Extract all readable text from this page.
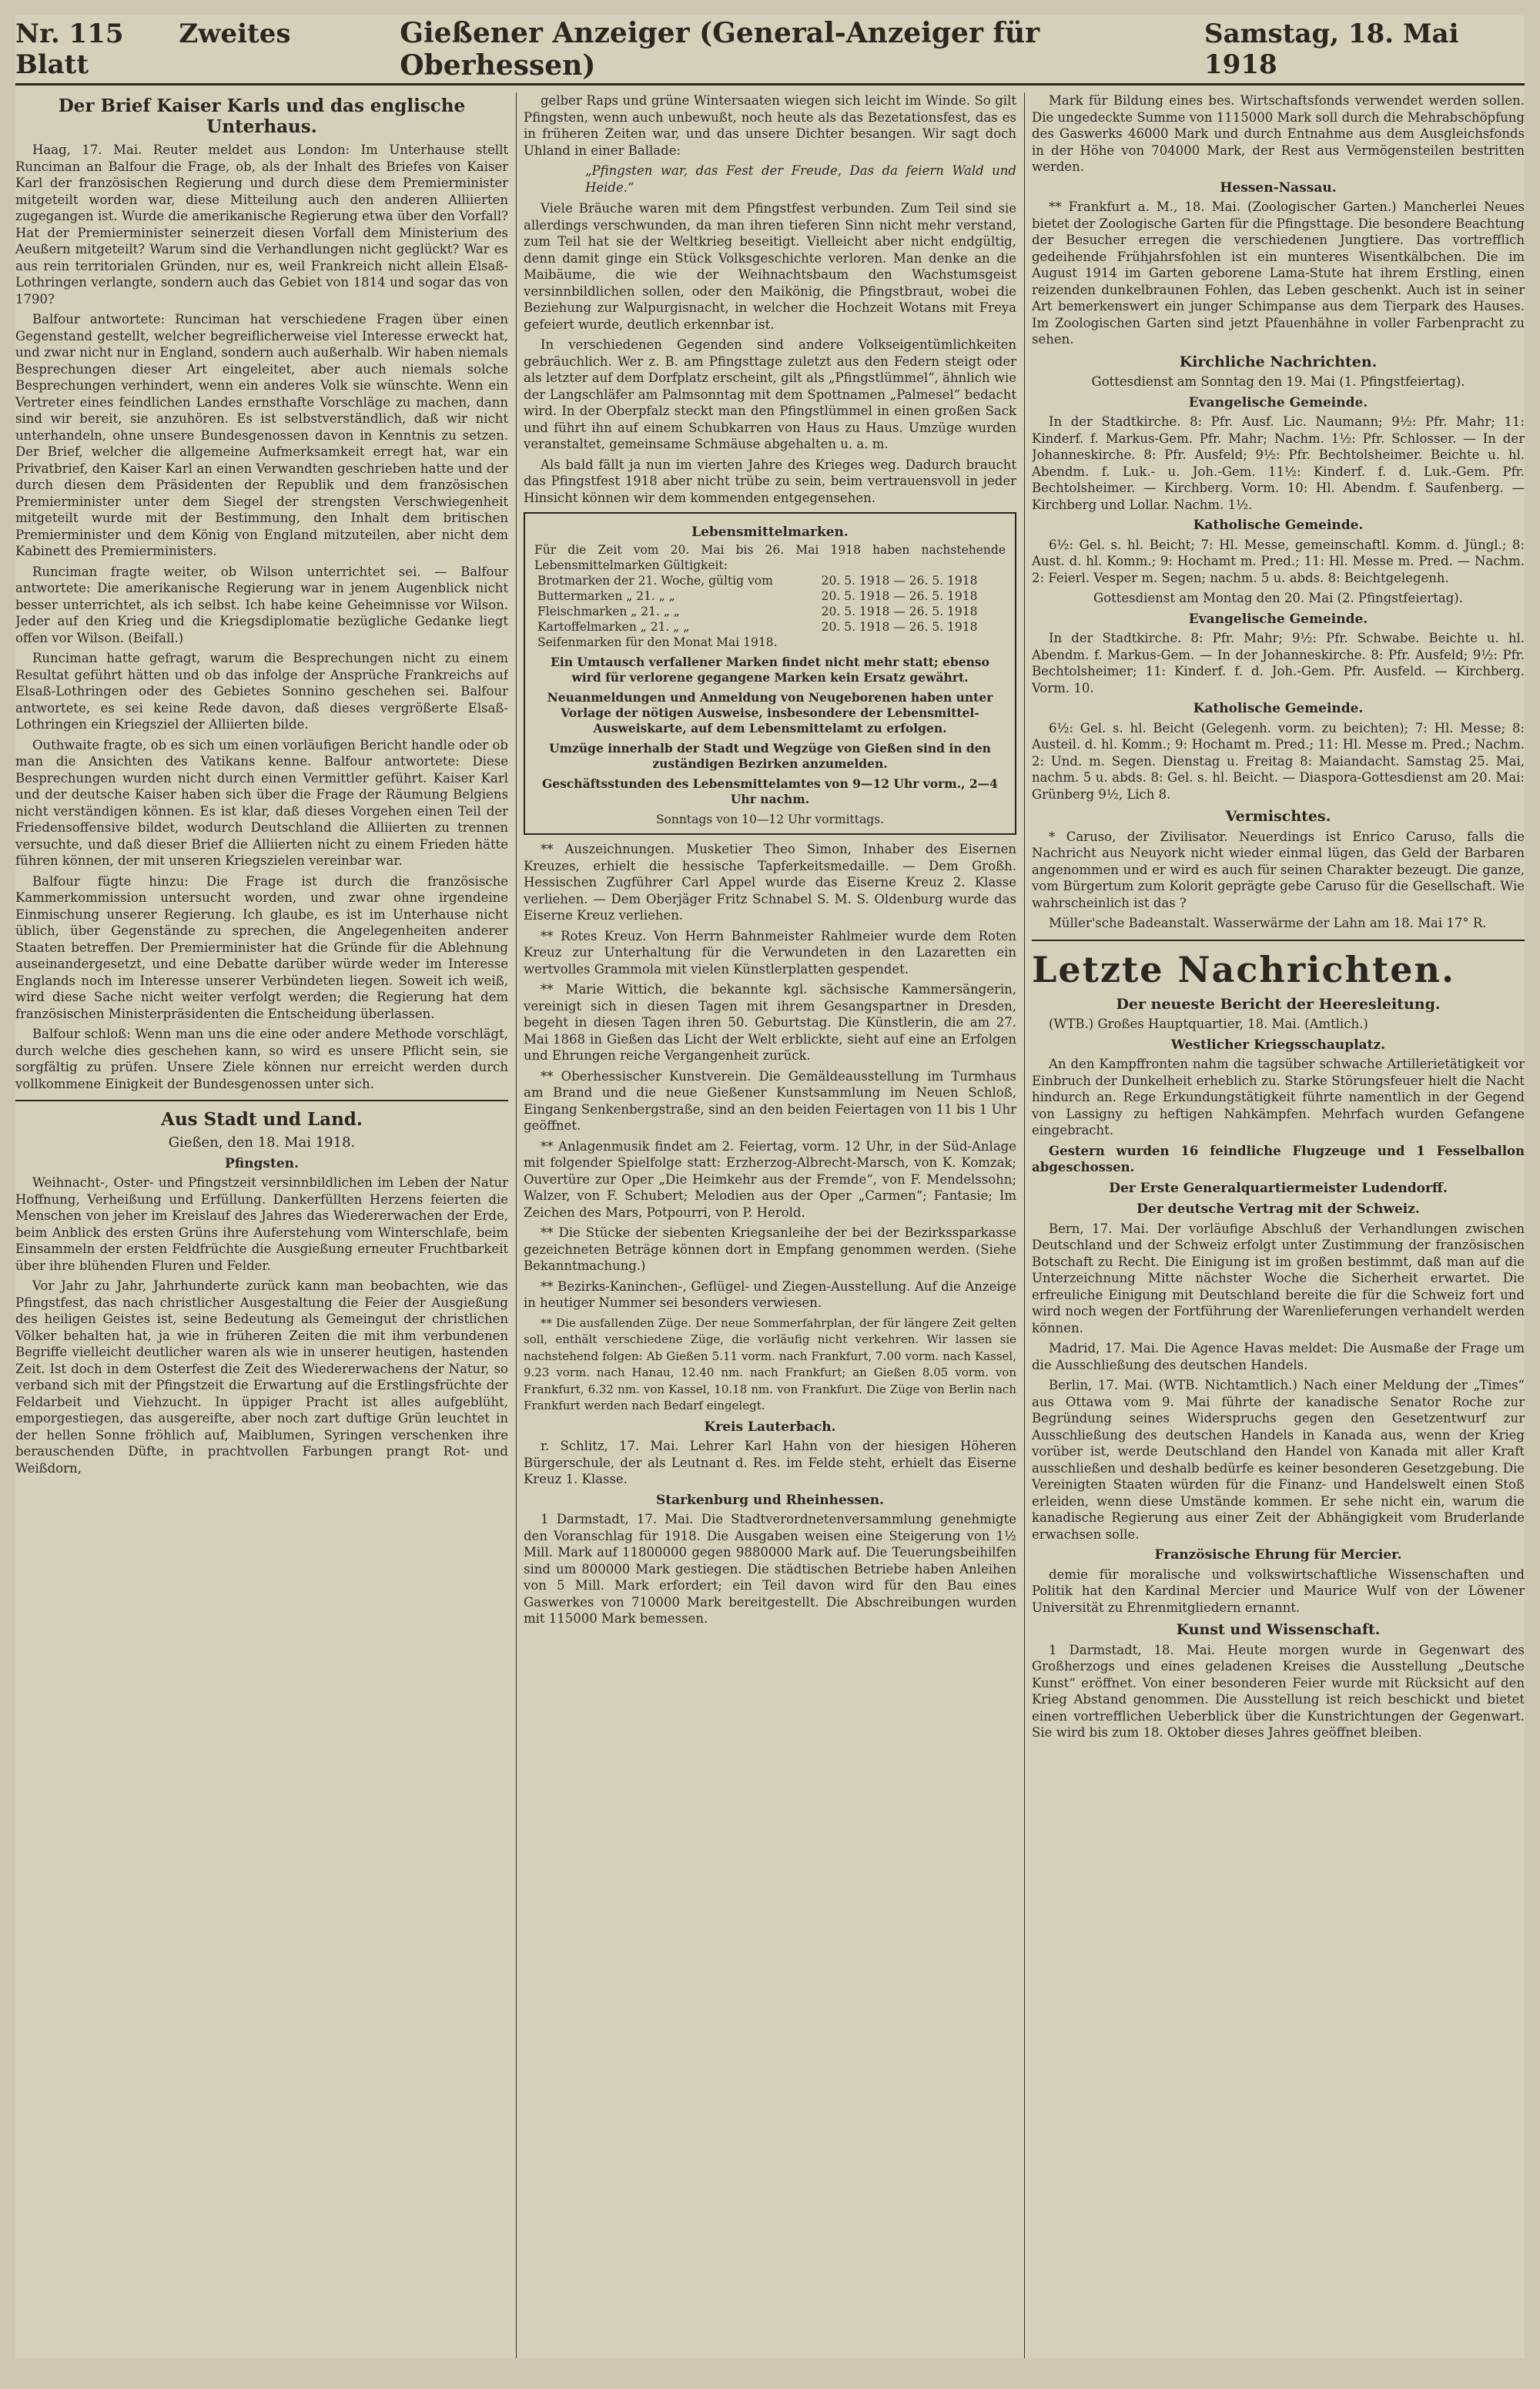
Nr. 115 Zweites Blatt
Gießener Anzeiger (General-Anzeiger für Oberhessen)
Samstag, 18. Mai 1918
Der Brief Kaiser Karls und das englische Unterhaus.

Haag, 17. Mai. Reuter meldet aus London: Im Unterhause stellt Runciman an Balfour die Frage, ob, als der Inhalt des Briefes von Kaiser Karl der französischen Regierung und durch diese dem Premierminister mitgeteilt worden war, diese Mitteilung auch den anderen Alliierten zugegangen ist. Wurde die amerikanische Regierung etwa über den Vorfall? Hat der Premierminister seinerzeit diesen Vorfall dem Ministerium des Aeußern mitgeteilt? Warum sind die Verhandlungen nicht geglückt? War es aus rein territorialen Gründen, nur es, weil Frankreich nicht allein Elsaß-Lothringen verlangte, sondern auch das Gebiet von 1814 und sogar das von 1790?

Balfour antwortete: Runciman hat verschiedene Fragen über einen Gegenstand gestellt, welcher begreiflicherweise viel Interesse erweckt hat, und zwar nicht nur in England, sondern auch außerhalb. Wir haben niemals Besprechungen dieser Art eingeleitet, aber auch niemals solche Besprechungen verhindert, wenn ein anderes Volk sie wünschte. Wenn ein Vertreter eines feindlichen Landes ernsthafte Vorschläge zu machen, dann sind wir bereit, sie anzuhören. Es ist selbstverständlich, daß wir nicht unterhandeln, ohne unsere Bundesgenossen davon in Kenntnis zu setzen. Der Brief, welcher die allgemeine Aufmerksamkeit erregt hat, war ein Privatbrief, den Kaiser Karl an einen Verwandten geschrieben hatte und der durch diesen dem Präsidenten der Republik und dem französischen Premierminister unter dem Siegel der strengsten Verschwiegenheit mitgeteilt wurde mit der Bestimmung, den Inhalt dem britischen Premierminister und dem König von England mitzuteilen, aber nicht dem Kabinett des Premierministers.

Runciman fragte weiter, ob Wilson unterrichtet sei. — Balfour antwortete: Die amerikanische Regierung war in jenem Augenblick nicht besser unterrichtet, als ich selbst. Ich habe keine Geheimnisse vor Wilson. Jeder auf den Krieg und die Kriegsdiplomatie bezügliche Gedanke liegt offen vor Wilson. (Beifall.)

Runciman hatte gefragt, warum die Besprechungen nicht zu einem Resultat geführt hätten und ob das infolge der Ansprüche Frankreichs auf Elsaß-Lothringen oder des Gebietes Sonnino geschehen sei. Balfour antwortete, es sei keine Rede davon, daß dieses vergrößerte Elsaß-Lothringen ein Kriegsziel der Alliierten bilde.

Outhwaite fragte, ob es sich um einen vorläufigen Bericht handle oder ob man die Ansichten des Vatikans kenne. Balfour antwortete: Diese Besprechungen wurden nicht durch einen Vermittler geführt. Kaiser Karl und der deutsche Kaiser haben sich über die Frage der Räumung Belgiens nicht verständigen können. Es ist klar, daß dieses Vorgehen einen Teil der Friedensoffensive bildet, wodurch Deutschland die Alliierten zu trennen versuchte, und daß dieser Brief die Alliierten nicht zu einem Frieden hätte führen können, der mit unseren Kriegszielen vereinbar war.

Balfour fügte hinzu: Die Frage ist durch die französische Kammerkommission untersucht worden, und zwar ohne irgendeine Einmischung unserer Regierung. Ich glaube, es ist im Unterhause nicht üblich, über Gegenstände zu sprechen, die Angelegenheiten anderer Staaten betreffen. Der Premierminister hat die Gründe für die Ablehnung auseinandergesetzt, und eine Debatte darüber würde weder im Interesse Englands noch im Interesse unserer Verbündeten liegen. Soweit ich weiß, wird diese Sache nicht weiter verfolgt werden; die Regierung hat dem französischen Ministerpräsidenten die Entscheidung überlassen.

Balfour schloß: Wenn man uns die eine oder andere Methode vorschlägt, durch welche dies geschehen kann, so wird es unsere Pflicht sein, sie sorgfältig zu prüfen. Unsere Ziele können nur erreicht werden durch vollkommene Einigkeit der Bundesgenossen unter sich.

Aus Stadt und Land.
Gießen, den 18. Mai 1918.
Pfingsten.

Weihnacht-, Oster- und Pfingstzeit versinnbildlichen im Leben der Natur Hoffnung, Verheißung und Erfüllung. Dankerfüllten Herzens feierten die Menschen von jeher im Kreislauf des Jahres das Wiedererwachen der Erde, beim Anblick des ersten Grüns ihre Auferstehung vom Winterschlafe, beim Einsammeln der ersten Feldfrüchte die Ausgießung erneuter Fruchtbarkeit über ihre blühenden Fluren und Felder.

Vor Jahr zu Jahr, Jahrhunderte zurück kann man beobachten, wie das Pfingstfest, das nach christlicher Ausgestaltung die Feier der Ausgießung des heiligen Geistes ist, seine Bedeutung als Gemeingut der christlichen Völker behalten hat, ja wie in früheren Zeiten die mit ihm verbundenen Begriffe vielleicht deutlicher waren als wie in unserer heutigen, hastenden Zeit. Ist doch in dem Osterfest die Zeit des Wiedererwachens der Natur, so verband sich mit der Pfingstzeit die Erwartung auf die Erstlingsfrüchte der Feldarbeit und Viehzucht. In üppiger Pracht ist alles aufgeblüht, emporgestiegen, das ausgereifte, aber noch zart duftige Grün leuchtet in der hellen Sonne fröhlich auf, Maiblumen, Syringen verschenken ihre berauschenden Düfte, in prachtvollen Farbungen prangt Rot- und Weißdorn,

gelber Raps und grüne Wintersaaten wiegen sich leicht im Winde. So gilt Pfingsten, wenn auch unbewußt, noch heute als das Bezetationsfest, das es in früheren Zeiten war, und das unsere Dichter besangen. Wir sagt doch Uhland in einer Ballade:

„Pfingsten war, das Fest der Freude, Das da feiern Wald und Heide.“

Viele Bräuche waren mit dem Pfingstfest verbunden. Zum Teil sind sie allerdings verschwunden, da man ihren tieferen Sinn nicht mehr verstand, zum Teil hat sie der Weltkrieg beseitigt. Vielleicht aber nicht endgültig, denn damit ginge ein Stück Volksgeschichte verloren. Man denke an die Maibäume, die wie der Weihnachtsbaum den Wachstumsgeist versinnbildlichen sollen, oder den Maikönig, die Pfingstbraut, wobei die Beziehung zur Walpurgisnacht, in welcher die Hochzeit Wotans mit Freya gefeiert wurde, deutlich erkennbar ist.

In verschiedenen Gegenden sind andere Volkseigentümlichkeiten gebräuchlich. Wer z. B. am Pfingsttage zuletzt aus den Federn steigt oder als letzter auf dem Dorfplatz erscheint, gilt als „Pfingstlümmel“, ähnlich wie der Langschläfer am Palmsonntag mit dem Spottnamen „Palmesel“ bedacht wird. In der Oberpfalz steckt man den Pfingstlümmel in einen großen Sack und führt ihn auf einem Schubkarren von Haus zu Haus. Umzüge wurden veranstaltet, gemeinsame Schmäuse abgehalten u. a. m.

Als bald fällt ja nun im vierten Jahre des Krieges weg. Dadurch braucht das Pfingstfest 1918 aber nicht trübe zu sein, beim vertrauensvoll in jeder Hinsicht können wir dem kommenden entgegensehen.

Lebensmittelmarken.
Für die Zeit vom 20. Mai bis 26. Mai 1918 haben nachstehende Lebensmittelmarken Gültigkeit:
Brotmarken der 21. Woche, gültig vom	20. 5. 1918 — 26. 5. 1918
Buttermarken „ 21. „ „	20. 5. 1918 — 26. 5. 1918
Fleischmarken „ 21. „ „	20. 5. 1918 — 26. 5. 1918
Kartoffelmarken „ 21. „ „	20. 5. 1918 — 26. 5. 1918
Seifenmarken für den Monat Mai 1918.	
Ein Umtausch verfallener Marken findet nicht mehr statt; ebenso wird für verlorene gegangene Marken kein Ersatz gewährt.
Neuanmeldungen und Anmeldung von Neugeborenen haben unter Vorlage der nötigen Ausweise, insbesondere der Lebensmittel-Ausweiskarte, auf dem Lebensmittelamt zu erfolgen.
Umzüge innerhalb der Stadt und Wegzüge von Gießen sind in den zuständigen Bezirken anzumelden.
Geschäftsstunden des Lebensmittelamtes von 9—12 Uhr vorm., 2—4 Uhr nachm.
Sonntags von 10—12 Uhr vormittags.

** Auszeichnungen. Musketier Theo Simon, Inhaber des Eisernen Kreuzes, erhielt die hessische Tapferkeitsmedaille. — Dem Großh. Hessischen Zugführer Carl Appel wurde das Eiserne Kreuz 2. Klasse verliehen. — Dem Oberjäger Fritz Schnabel S. M. S. Oldenburg wurde das Eiserne Kreuz verliehen.

** Rotes Kreuz. Von Herrn Bahnmeister Rahlmeier wurde dem Roten Kreuz zur Unterhaltung für die Verwundeten in den Lazaretten ein wertvolles Grammola mit vielen Künstlerplatten gespendet.

** Marie Wittich, die bekannte kgl. sächsische Kammersängerin, vereinigt sich in diesen Tagen mit ihrem Gesangspartner in Dresden, begeht in diesen Tagen ihren 50. Geburtstag. Die Künstlerin, die am 27. Mai 1868 in Gießen das Licht der Welt erblickte, sieht auf eine an Erfolgen und Ehrungen reiche Vergangenheit zurück.

** Oberhessischer Kunstverein. Die Gemäldeausstellung im Turmhaus am Brand und die neue Gießener Kunstsammlung im Neuen Schloß, Eingang Senkenbergstraße, sind an den beiden Feiertagen von 11 bis 1 Uhr geöffnet.

** Anlagenmusik findet am 2. Feiertag, vorm. 12 Uhr, in der Süd-Anlage mit folgender Spielfolge statt: Erzherzog-Albrecht-Marsch, von K. Komzak; Ouvertüre zur Oper „Die Heimkehr aus der Fremde“, von F. Mendelssohn; Walzer, von F. Schubert; Melodien aus der Oper „Carmen“; Fantasie; Im Zeichen des Mars, Potpourri, von P. Herold.

** Die Stücke der siebenten Kriegsanleihe der bei der Bezirkssparkasse gezeichneten Beträge können dort in Empfang genommen werden. (Siehe Bekanntmachung.)

** Bezirks-Kaninchen-, Geflügel- und Ziegen-Ausstellung. Auf die Anzeige in heutiger Nummer sei besonders verwiesen.

** Die ausfallenden Züge. Der neue Sommerfahrplan, der für längere Zeit gelten soll, enthält verschiedene Züge, die vorläufig nicht verkehren. Wir lassen sie nachstehend folgen: Ab Gießen 5.11 vorm. nach Frankfurt, 7.00 vorm. nach Kassel, 9.23 vorm. nach Hanau, 12.40 nm. nach Frankfurt; an Gießen 8.05 vorm. von Frankfurt, 6.32 nm. von Kassel, 10.18 nm. von Frankfurt. Die Züge von Berlin nach Frankfurt werden nach Bedarf eingelegt.

Kreis Lauterbach.

r. Schlitz, 17. Mai. Lehrer Karl Hahn von der hiesigen Höheren Bürgerschule, der als Leutnant d. Res. im Felde steht, erhielt das Eiserne Kreuz 1. Klasse.

Starkenburg und Rheinhessen.

1 Darmstadt, 17. Mai. Die Stadtverordnetenversammlung genehmigte den Voranschlag für 1918. Die Ausgaben weisen eine Steigerung von 1½ Mill. Mark auf 11800000 gegen 9880000 Mark auf. Die Teuerungsbeihilfen sind um 800000 Mark gestiegen. Die städtischen Betriebe haben Anleihen von 5 Mill. Mark erfordert; ein Teil davon wird für den Bau eines Gaswerkes von 710000 Mark bereitgestellt. Die Abschreibungen wurden mit 115000 Mark bemessen.

Mark für Bildung eines bes. Wirtschaftsfonds verwendet werden sollen. Die ungedeckte Summe von 1115000 Mark soll durch die Mehrabschöpfung des Gaswerks 46000 Mark und durch Entnahme aus dem Ausgleichsfonds in der Höhe von 704000 Mark, der Rest aus Vermögensteilen bestritten werden.

Hessen-Nassau.

** Frankfurt a. M., 18. Mai. (Zoologischer Garten.) Mancherlei Neues bietet der Zoologische Garten für die Pfingsttage. Die besondere Beachtung der Besucher erregen die verschiedenen Jungtiere. Das vortrefflich gedeihende Frühjahrsfohlen ist ein munteres Wisentkälbchen. Die im August 1914 im Garten geborene Lama-Stute hat ihrem Erstling, einen reizenden dunkelbraunen Fohlen, das Leben geschenkt. Auch ist in seiner Art bemerkenswert ein junger Schimpanse aus dem Tierpark des Hauses. Im Zoologischen Garten sind jetzt Pfauenhähne in voller Farbenpracht zu sehen.

Kirchliche Nachrichten.
Gottesdienst am Sonntag den 19. Mai (1. Pfingstfeiertag).
Evangelische Gemeinde.

In der Stadtkirche. 8: Pfr. Ausf. Lic. Naumann; 9½: Pfr. Mahr; 11: Kinderf. f. Markus-Gem. Pfr. Mahr; Nachm. 1½: Pfr. Schlosser. — In der Johanneskirche. 8: Pfr. Ausfeld; 9½: Pfr. Bechtolsheimer. Beichte u. hl. Abendm. f. Luk.- u. Joh.-Gem. 11½: Kinderf. f. d. Luk.-Gem. Pfr. Bechtolsheimer. — Kirchberg. Vorm. 10: Hl. Abendm. f. Saufenberg. — Kirchberg und Lollar. Nachm. 1½.

Katholische Gemeinde.

6½: Gel. s. hl. Beicht; 7: Hl. Messe, gemeinschaftl. Komm. d. Jüngl.; 8: Aust. d. hl. Komm.; 9: Hochamt m. Pred.; 11: Hl. Messe m. Pred. — Nachm. 2: Feierl. Vesper m. Segen; nachm. 5 u. abds. 8: Beichtgelegenh.

Gottesdienst am Montag den 20. Mai (2. Pfingstfeiertag).
Evangelische Gemeinde.

In der Stadtkirche. 8: Pfr. Mahr; 9½: Pfr. Schwabe. Beichte u. hl. Abendm. f. Markus-Gem. — In der Johanneskirche. 8: Pfr. Ausfeld; 9½: Pfr. Bechtolsheimer; 11: Kinderf. f. d. Joh.-Gem. Pfr. Ausfeld. — Kirchberg. Vorm. 10.

Katholische Gemeinde.

6½: Gel. s. hl. Beicht (Gelegenh. vorm. zu beichten); 7: Hl. Messe; 8: Austeil. d. hl. Komm.; 9: Hochamt m. Pred.; 11: Hl. Messe m. Pred.; Nachm. 2: Und. m. Segen. Dienstag u. Freitag 8: Maiandacht. Samstag 25. Mai, nachm. 5 u. abds. 8: Gel. s. hl. Beicht. — Diaspora-Gottesdienst am 20. Mai: Grünberg 9½, Lich 8.

Vermischtes.

* Caruso, der Zivilisator. Neuerdings ist Enrico Caruso, falls die Nachricht aus Neuyork nicht wieder einmal lügen, das Geld der Barbaren angenommen und er wird es auch für seinen Charakter bezeugt. Die ganze, vom Bürgertum zum Kolorit geprägte gebe Caruso für die Gesellschaft. Wie wahrscheinlich ist das ?

Müller'sche Badeanstalt. Wasserwärme der Lahn am 18. Mai 17° R.

Letzte Nachrichten.
Der neueste Bericht der Heeresleitung.

(WTB.) Großes Hauptquartier, 18. Mai. (Amtlich.)

Westlicher Kriegsschauplatz.

An den Kampffronten nahm die tagsüber schwache Artillerietätigkeit vor Einbruch der Dunkelheit erheblich zu. Starke Störungsfeuer hielt die Nacht hindurch an. Rege Erkundungstätigkeit führte namentlich in der Gegend von Lassigny zu heftigen Nahkämpfen. Mehrfach wurden Gefangene eingebracht.

Gestern wurden 16 feindliche Flugzeuge und 1 Fesselballon abgeschossen.

Der Erste Generalquartiermeister Ludendorff.
Der deutsche Vertrag mit der Schweiz.

Bern, 17. Mai. Der vorläufige Abschluß der Verhandlungen zwischen Deutschland und der Schweiz erfolgt unter Zustimmung der französischen Botschaft zu Recht. Die Einigung ist im großen bestimmt, daß man auf die Unterzeichnung Mitte nächster Woche die Sicherheit erwartet. Die erfreuliche Einigung mit Deutschland bereite die für die Schweiz fort und wird noch wegen der Fortführung der Warenlieferungen verhandelt werden können.

Madrid, 17. Mai. Die Agence Havas meldet: Die Ausmaße der Frage um die Ausschließung des deutschen Handels.

Berlin, 17. Mai. (WTB. Nichtamtlich.) Nach einer Meldung der „Times“ aus Ottawa vom 9. Mai führte der kanadische Senator Roche zur Begründung seines Widerspruchs gegen den Gesetzentwurf zur Ausschließung des deutschen Handels in Kanada aus, wenn der Krieg vorüber ist, werde Deutschland den Handel von Kanada mit aller Kraft ausschließen und deshalb bedürfe es keiner besonderen Gesetzgebung. Die Vereinigten Staaten würden für die Finanz- und Handelswelt einen Stoß erleiden, wenn diese Umstände kommen. Er sehe nicht ein, warum die kanadische Regierung aus einer Zeit der Abhängigkeit vom Bruderlande erwachsen solle.

Französische Ehrung für Mercier.

demie für moralische und volkswirtschaftliche Wissenschaften und Politik hat den Kardinal Mercier und Maurice Wulf von der Löwener Universität zu Ehrenmitgliedern ernannt.

Kunst und Wissenschaft.

1 Darmstadt, 18. Mai. Heute morgen wurde in Gegenwart des Großherzogs und eines geladenen Kreises die Ausstellung „Deutsche Kunst“ eröffnet. Von einer besonderen Feier wurde mit Rücksicht auf den Krieg Abstand genommen. Die Ausstellung ist reich beschickt und bietet einen vortrefflichen Ueberblick über die Kunstrichtungen der Gegenwart. Sie wird bis zum 18. Oktober dieses Jahres geöffnet bleiben.
